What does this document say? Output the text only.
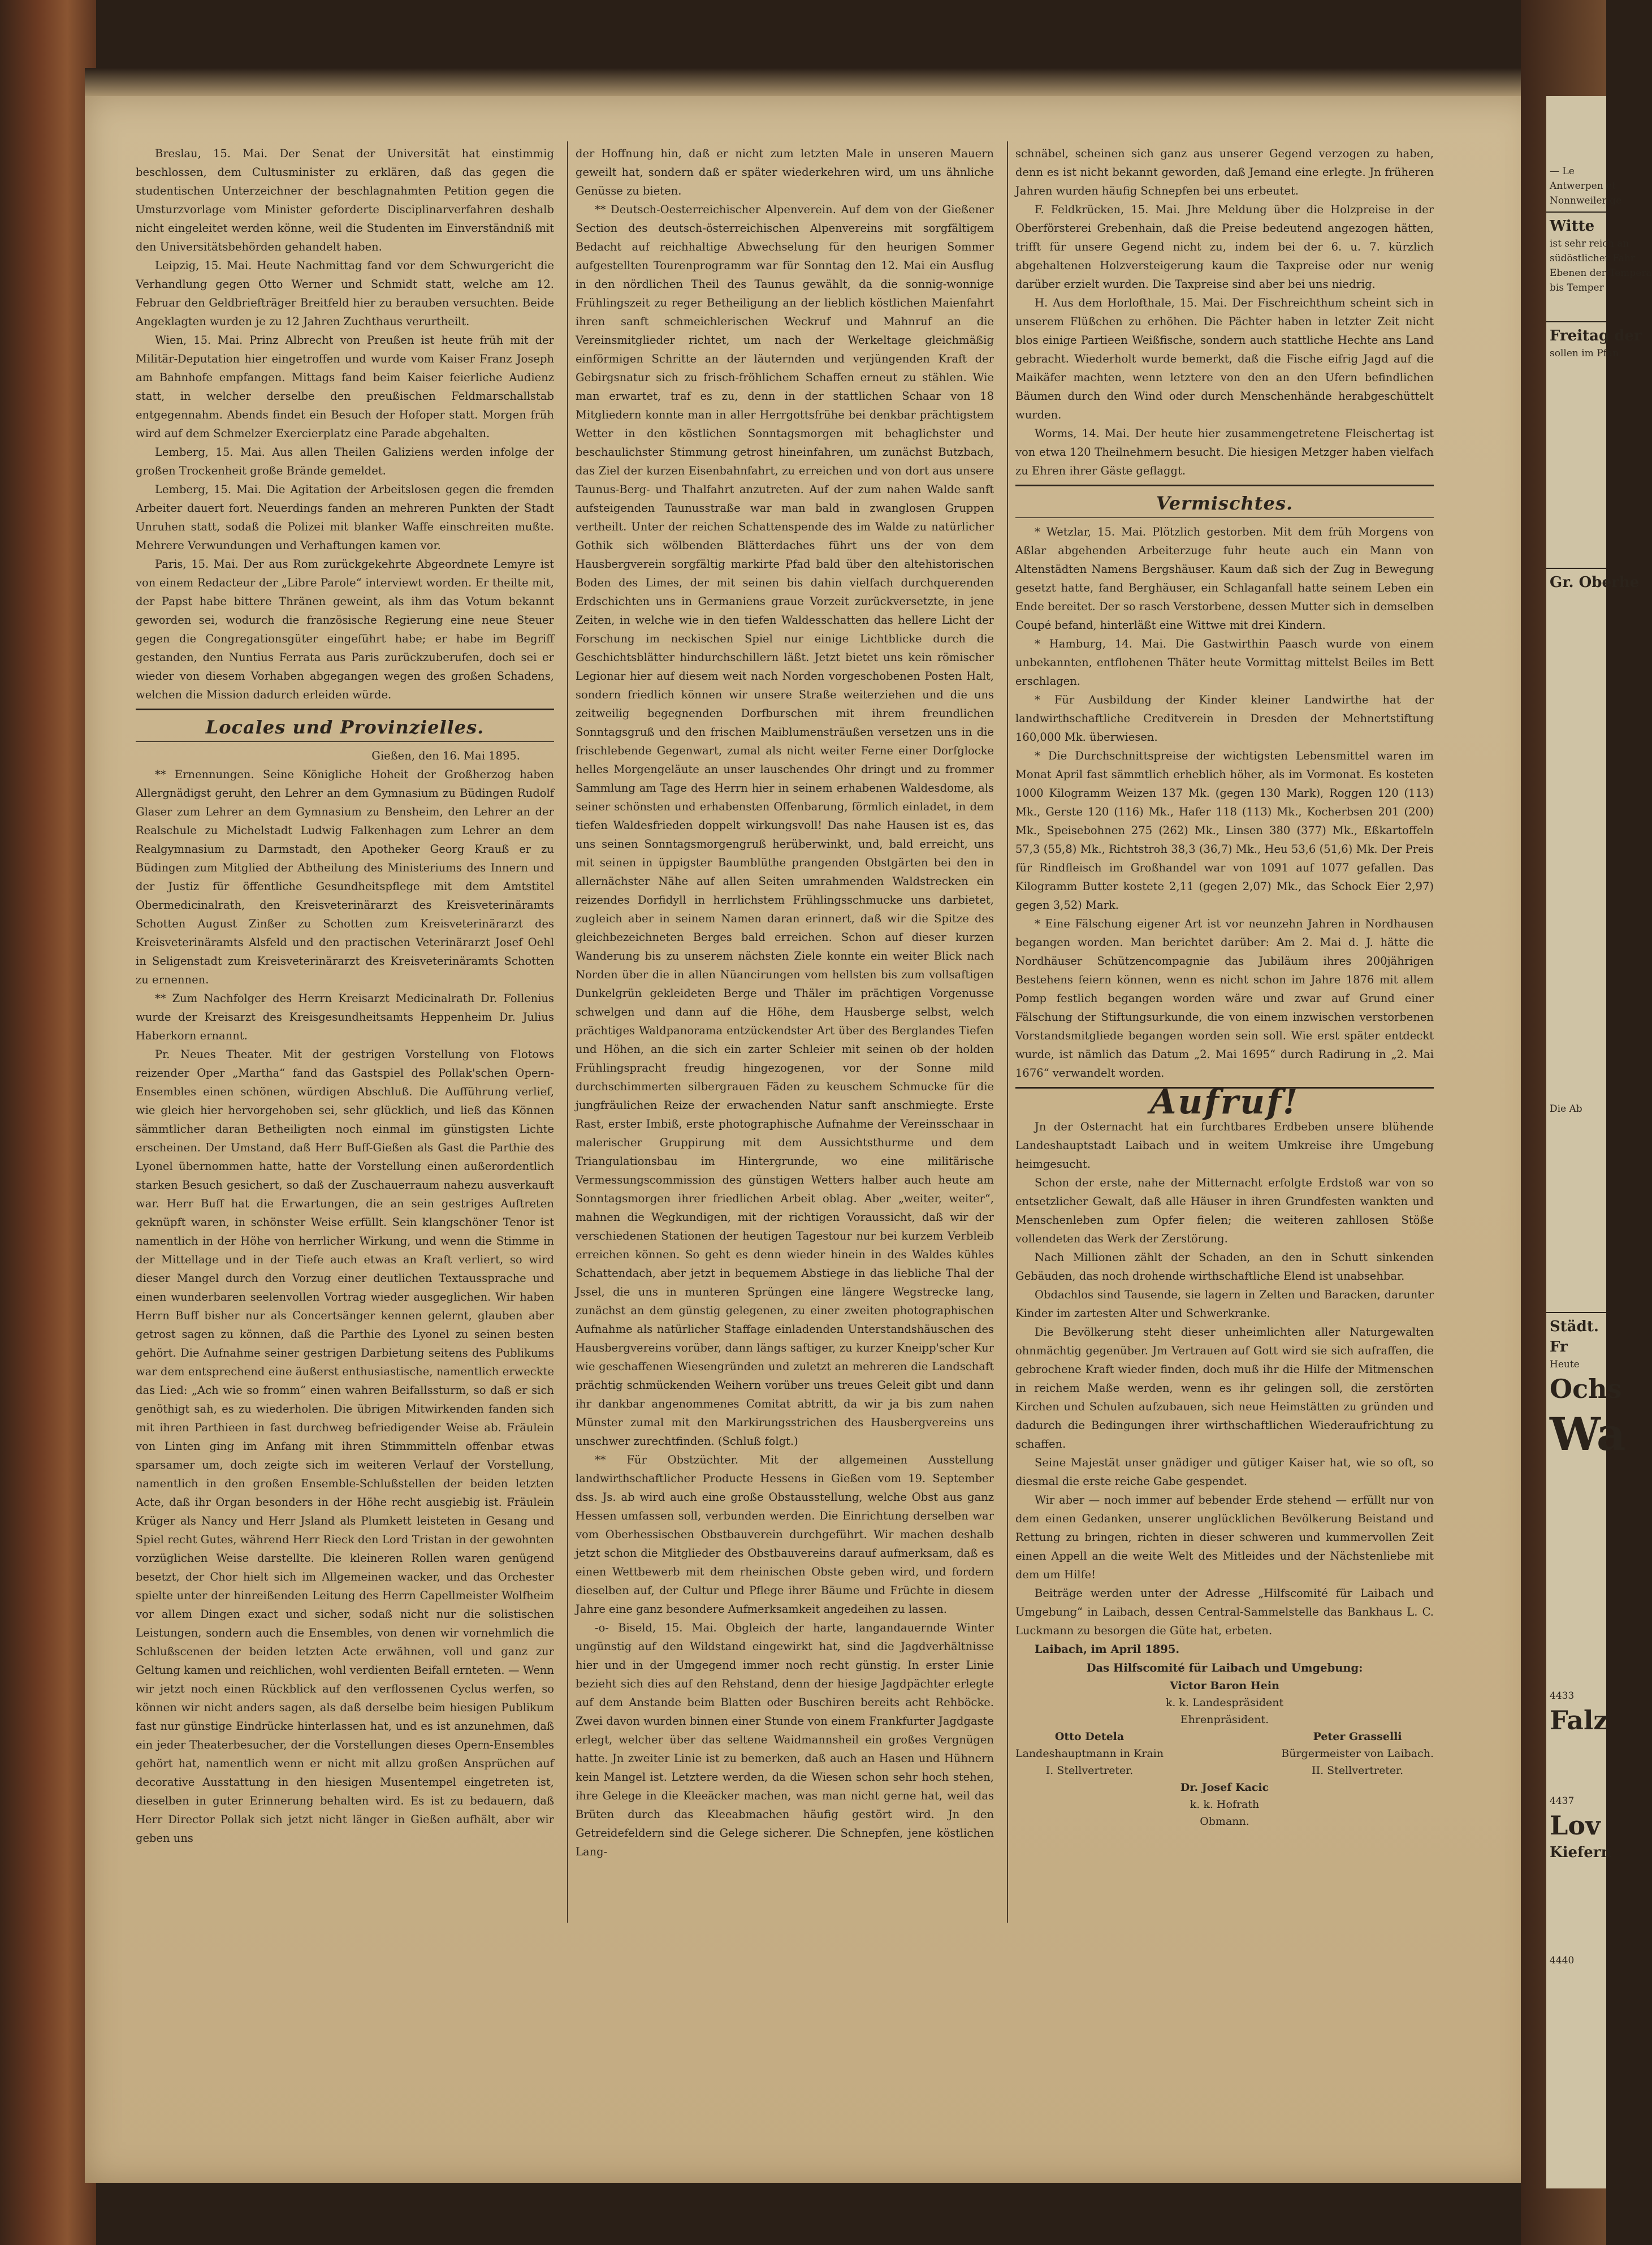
Breslau, 15. Mai. Der Senat der Universität hat einstimmig beschlossen, dem Cultusminister zu erklären, daß das gegen die studentischen Unterzeichner der beschlagnahmten Petition gegen die Umsturzvorlage vom Minister geforderte Disciplinarverfahren deshalb nicht eingeleitet werden könne, weil die Studenten im Einverständniß mit den Universitätsbehörden gehandelt haben.

Leipzig, 15. Mai. Heute Nachmittag fand vor dem Schwurgericht die Verhandlung gegen Otto Werner und Schmidt statt, welche am 12. Februar den Geldbriefträger Breitfeld hier zu berauben versuchten. Beide Angeklagten wurden je zu 12 Jahren Zuchthaus verurtheilt.

Wien, 15. Mai. Prinz Albrecht von Preußen ist heute früh mit der Militär-Deputation hier eingetroffen und wurde vom Kaiser Franz Joseph am Bahnhofe empfangen. Mittags fand beim Kaiser feierliche Audienz statt, in welcher derselbe den preußischen Feldmarschallstab entgegennahm. Abends findet ein Besuch der Hofoper statt. Morgen früh wird auf dem Schmelzer Exercierplatz eine Parade abgehalten.

Lemberg, 15. Mai. Aus allen Theilen Galiziens werden infolge der großen Trockenheit große Brände gemeldet.

Lemberg, 15. Mai. Die Agitation der Arbeitslosen gegen die fremden Arbeiter dauert fort. Neuerdings fanden an mehreren Punkten der Stadt Unruhen statt, sodaß die Polizei mit blanker Waffe einschreiten mußte. Mehrere Verwundungen und Verhaftungen kamen vor.

Paris, 15. Mai. Der aus Rom zurückgekehrte Abgeordnete Lemyre ist von einem Redacteur der „Libre Parole“ interviewt worden. Er theilte mit, der Papst habe bittere Thränen geweint, als ihm das Votum bekannt geworden sei, wodurch die französische Regierung eine neue Steuer gegen die Congregationsgüter eingeführt habe; er habe im Begriff gestanden, den Nuntius Ferrata aus Paris zurückzuberufen, doch sei er wieder von diesem Vorhaben abgegangen wegen des großen Schadens, welchen die Mission dadurch erleiden würde.

Locales und Provinzielles.
Gießen, den 16. Mai 1895.

** Ernennungen. Seine Königliche Hoheit der Großherzog haben Allergnädigst geruht, den Lehrer an dem Gymnasium zu Büdingen Rudolf Glaser zum Lehrer an dem Gymnasium zu Bensheim, den Lehrer an der Realschule zu Michelstadt Ludwig Falkenhagen zum Lehrer an dem Realgymnasium zu Darmstadt, den Apotheker Georg Krauß er zu Büdingen zum Mitglied der Abtheilung des Ministeriums des Innern und der Justiz für öffentliche Gesundheitspflege mit dem Amtstitel Obermedicinalrath, den Kreisveterinärarzt des Kreisveterinäramts Schotten August Zinßer zu Schotten zum Kreisveterinärarzt des Kreisveterinäramts Alsfeld und den practischen Veterinärarzt Josef Oehl in Seligenstadt zum Kreisveterinärarzt des Kreisveterinäramts Schotten zu ernennen.

** Zum Nachfolger des Herrn Kreisarzt Medicinalrath Dr. Follenius wurde der Kreisarzt des Kreisgesundheitsamts Heppenheim Dr. Julius Haberkorn ernannt.

Pr. Neues Theater. Mit der gestrigen Vorstellung von Flotows reizender Oper „Martha“ fand das Gastspiel des Pollak'schen Opern-Ensembles einen schönen, würdigen Abschluß. Die Aufführung verlief, wie gleich hier hervorgehoben sei, sehr glücklich, und ließ das Können sämmtlicher daran Betheiligten noch einmal im günstigsten Lichte erscheinen. Der Umstand, daß Herr Buff-Gießen als Gast die Parthie des Lyonel übernommen hatte, hatte der Vorstellung einen außerordentlich starken Besuch gesichert, so daß der Zuschauerraum nahezu ausverkauft war. Herr Buff hat die Erwartungen, die an sein gestriges Auftreten geknüpft waren, in schönster Weise erfüllt. Sein klangschöner Tenor ist namentlich in der Höhe von herrlicher Wirkung, und wenn die Stimme in der Mittellage und in der Tiefe auch etwas an Kraft verliert, so wird dieser Mangel durch den Vorzug einer deutlichen Textaussprache und einen wunderbaren seelenvollen Vortrag wieder ausgeglichen. Wir haben Herrn Buff bisher nur als Concertsänger kennen gelernt, glauben aber getrost sagen zu können, daß die Parthie des Lyonel zu seinen besten gehört. Die Aufnahme seiner gestrigen Darbietung seitens des Publikums war dem entsprechend eine äußerst enthusiastische, namentlich erweckte das Lied: „Ach wie so fromm“ einen wahren Beifallssturm, so daß er sich genöthigt sah, es zu wiederholen. Die übrigen Mitwirkenden fanden sich mit ihren Parthieen in fast durchweg befriedigender Weise ab. Fräulein von Linten ging im Anfang mit ihren Stimmmitteln offenbar etwas sparsamer um, doch zeigte sich im weiteren Verlauf der Vorstellung, namentlich in den großen Ensemble-Schlußstellen der beiden letzten Acte, daß ihr Organ besonders in der Höhe recht ausgiebig ist. Fräulein Krüger als Nancy und Herr Jsland als Plumkett leisteten in Gesang und Spiel recht Gutes, während Herr Rieck den Lord Tristan in der gewohnten vorzüglichen Weise darstellte. Die kleineren Rollen waren genügend besetzt, der Chor hielt sich im Allgemeinen wacker, und das Orchester spielte unter der hinreißenden Leitung des Herrn Capellmeister Wolfheim vor allem Dingen exact und sicher, sodaß nicht nur die solistischen Leistungen, sondern auch die Ensembles, von denen wir vornehmlich die Schlußscenen der beiden letzten Acte erwähnen, voll und ganz zur Geltung kamen und reichlichen, wohl verdienten Beifall ernteten. — Wenn wir jetzt noch einen Rückblick auf den verflossenen Cyclus werfen, so können wir nicht anders sagen, als daß derselbe beim hiesigen Publikum fast nur günstige Eindrücke hinterlassen hat, und es ist anzunehmen, daß ein jeder Theaterbesucher, der die Vorstellungen dieses Opern-Ensembles gehört hat, namentlich wenn er nicht mit allzu großen Ansprüchen auf decorative Ausstattung in den hiesigen Musentempel eingetreten ist, dieselben in guter Erinnerung behalten wird. Es ist zu bedauern, daß Herr Director Pollak sich jetzt nicht länger in Gießen aufhält, aber wir geben uns

der Hoffnung hin, daß er nicht zum letzten Male in unseren Mauern geweilt hat, sondern daß er später wiederkehren wird, um uns ähnliche Genüsse zu bieten.

** Deutsch-Oesterreichischer Alpenverein. Auf dem von der Gießener Section des deutsch-österreichischen Alpenvereins mit sorgfältigem Bedacht auf reichhaltige Abwechselung für den heurigen Sommer aufgestellten Tourenprogramm war für Sonntag den 12. Mai ein Ausflug in den nördlichen Theil des Taunus gewählt, da die sonnig-wonnige Frühlingszeit zu reger Betheiligung an der lieblich köstlichen Maienfahrt ihren sanft schmeichlerischen Weckruf und Mahnruf an die Vereinsmitglieder richtet, um nach der Werkeltage gleichmäßig einförmigen Schritte an der läuternden und verjüngenden Kraft der Gebirgsnatur sich zu frisch-fröhlichem Schaffen erneut zu stählen. Wie man erwartet, traf es zu, denn in der stattlichen Schaar von 18 Mitgliedern konnte man in aller Herrgottsfrühe bei denkbar prächtigstem Wetter in den köstlichen Sonntagsmorgen mit behaglichster und beschaulichster Stimmung getrost hineinfahren, um zunächst Butzbach, das Ziel der kurzen Eisenbahnfahrt, zu erreichen und von dort aus unsere Taunus-Berg- und Thalfahrt anzutreten. Auf der zum nahen Walde sanft aufsteigenden Taunusstraße war man bald in zwanglosen Gruppen vertheilt. Unter der reichen Schattenspende des im Walde zu natürlicher Gothik sich wölbenden Blätterdaches führt uns der von dem Hausbergverein sorgfältig markirte Pfad bald über den altehistorischen Boden des Limes, der mit seinen bis dahin vielfach durchquerenden Erdschichten uns in Germaniens graue Vorzeit zurückversetzte, in jene Zeiten, in welche wie in den tiefen Waldesschatten das hellere Licht der Forschung im neckischen Spiel nur einige Lichtblicke durch die Geschichtsblätter hindurchschillern läßt. Jetzt bietet uns kein römischer Legionar hier auf diesem weit nach Norden vorgeschobenen Posten Halt, sondern friedlich können wir unsere Straße weiterziehen und die uns zeitweilig begegnenden Dorfburschen mit ihrem freundlichen Sonntagsgruß und den frischen Maiblumensträußen versetzen uns in die frischlebende Gegenwart, zumal als nicht weiter Ferne einer Dorfglocke helles Morgengeläute an unser lauschendes Ohr dringt und zu frommer Sammlung am Tage des Herrn hier in seinem erhabenen Waldesdome, als seiner schönsten und erhabensten Offenbarung, förmlich einladet, in dem tiefen Waldesfrieden doppelt wirkungsvoll! Das nahe Hausen ist es, das uns seinen Sonntagsmorgengruß herüberwinkt, und, bald erreicht, uns mit seinen in üppigster Baumblüthe prangenden Obstgärten bei den in allernächster Nähe auf allen Seiten umrahmenden Waldstrecken ein reizendes Dorfidyll in herrlichstem Frühlingsschmucke uns darbietet, zugleich aber in seinem Namen daran erinnert, daß wir die Spitze des gleichbezeichneten Berges bald erreichen. Schon auf dieser kurzen Wanderung bis zu unserem nächsten Ziele konnte ein weiter Blick nach Norden über die in allen Nüancirungen vom hellsten bis zum vollsaftigen Dunkelgrün gekleideten Berge und Thäler im prächtigen Vorgenusse schwelgen und dann auf die Höhe, dem Hausberge selbst, welch prächtiges Waldpanorama entzückendster Art über des Berglandes Tiefen und Höhen, an die sich ein zarter Schleier mit seinen ob der holden Frühlingspracht freudig hingezogenen, vor der Sonne mild durchschimmerten silbergrauen Fäden zu keuschem Schmucke für die jungfräulichen Reize der erwachenden Natur sanft anschmiegte. Erste Rast, erster Imbiß, erste photographische Aufnahme der Vereinsschaar in malerischer Gruppirung mit dem Aussichtsthurme und dem Triangulationsbau im Hintergrunde, wo eine militärische Vermessungscommission des günstigen Wetters halber auch heute am Sonntagsmorgen ihrer friedlichen Arbeit oblag. Aber „weiter, weiter“, mahnen die Wegkundigen, mit der richtigen Voraussicht, daß wir der verschiedenen Stationen der heutigen Tagestour nur bei kurzem Verbleib erreichen können. So geht es denn wieder hinein in des Waldes kühles Schattendach, aber jetzt in bequemem Abstiege in das liebliche Thal der Jssel, die uns in munteren Sprüngen eine längere Wegstrecke lang, zunächst an dem günstig gelegenen, zu einer zweiten photographischen Aufnahme als natürlicher Staffage einladenden Unterstandshäuschen des Hausbergvereins vorüber, dann längs saftiger, zu kurzer Kneipp'scher Kur wie geschaffenen Wiesengründen und zuletzt an mehreren die Landschaft prächtig schmückenden Weihern vorüber uns treues Geleit gibt und dann ihr dankbar angenommenes Comitat abtritt, da wir ja bis zum nahen Münster zumal mit den Markirungsstrichen des Hausbergvereins uns unschwer zurechtfinden. (Schluß folgt.)

** Für Obstzüchter. Mit der allgemeinen Ausstellung landwirthschaftlicher Producte Hessens in Gießen vom 19. September dss. Js. ab wird auch eine große Obstausstellung, welche Obst aus ganz Hessen umfassen soll, verbunden werden. Die Einrichtung derselben war vom Oberhessischen Obstbauverein durchgeführt. Wir machen deshalb jetzt schon die Mitglieder des Obstbauvereins darauf aufmerksam, daß es einen Wettbewerb mit dem rheinischen Obste geben wird, und fordern dieselben auf, der Cultur und Pflege ihrer Bäume und Früchte in diesem Jahre eine ganz besondere Aufmerksamkeit angedeihen zu lassen.

-o- Biseld, 15. Mai. Obgleich der harte, langandauernde Winter ungünstig auf den Wildstand eingewirkt hat, sind die Jagdverhältnisse hier und in der Umgegend immer noch recht günstig. In erster Linie bezieht sich dies auf den Rehstand, denn der hiesige Jagdpächter erlegte auf dem Anstande beim Blatten oder Buschiren bereits acht Rehböcke. Zwei davon wurden binnen einer Stunde von einem Frankfurter Jagdgaste erlegt, welcher über das seltene Waidmannsheil ein großes Vergnügen hatte. Jn zweiter Linie ist zu bemerken, daß auch an Hasen und Hühnern kein Mangel ist. Letztere werden, da die Wiesen schon sehr hoch stehen, ihre Gelege in die Kleeäcker machen, was man nicht gerne hat, weil das Brüten durch das Kleeabmachen häufig gestört wird. Jn den Getreidefeldern sind die Gelege sicherer. Die Schnepfen, jene köstlichen Lang-

schnäbel, scheinen sich ganz aus unserer Gegend verzogen zu haben, denn es ist nicht bekannt geworden, daß Jemand eine erlegte. Jn früheren Jahren wurden häufig Schnepfen bei uns erbeutet.

F. Feldkrücken, 15. Mai. Jhre Meldung über die Holzpreise in der Oberförsterei Grebenhain, daß die Preise bedeutend angezogen hätten, trifft für unsere Gegend nicht zu, indem bei der 6. u. 7. kürzlich abgehaltenen Holzversteigerung kaum die Taxpreise oder nur wenig darüber erzielt wurden. Die Taxpreise sind aber bei uns niedrig.

H. Aus dem Horlofthale, 15. Mai. Der Fischreichthum scheint sich in unserem Flüßchen zu erhöhen. Die Pächter haben in letzter Zeit nicht blos einige Partieen Weißfische, sondern auch stattliche Hechte ans Land gebracht. Wiederholt wurde bemerkt, daß die Fische eifrig Jagd auf die Maikäfer machten, wenn letztere von den an den Ufern befindlichen Bäumen durch den Wind oder durch Menschenhände herabgeschüttelt wurden.

Worms, 14. Mai. Der heute hier zusammengetretene Fleischertag ist von etwa 120 Theilnehmern besucht. Die hiesigen Metzger haben vielfach zu Ehren ihrer Gäste geflaggt.

Vermischtes.

* Wetzlar, 15. Mai. Plötzlich gestorben. Mit dem früh Morgens von Aßlar abgehenden Arbeiterzuge fuhr heute auch ein Mann von Altenstädten Namens Bergshäuser. Kaum daß sich der Zug in Bewegung gesetzt hatte, fand Berghäuser, ein Schlaganfall hatte seinem Leben ein Ende bereitet. Der so rasch Verstorbene, dessen Mutter sich in demselben Coupé befand, hinterläßt eine Wittwe mit drei Kindern.

* Hamburg, 14. Mai. Die Gastwirthin Paasch wurde von einem unbekannten, entflohenen Thäter heute Vormittag mittelst Beiles im Bett erschlagen.

* Für Ausbildung der Kinder kleiner Landwirthe hat der landwirthschaftliche Creditverein in Dresden der Mehnertstiftung 160,000 Mk. überwiesen.

* Die Durchschnittspreise der wichtigsten Lebensmittel waren im Monat April fast sämmtlich erheblich höher, als im Vormonat. Es kosteten 1000 Kilogramm Weizen 137 Mk. (gegen 130 Mark), Roggen 120 (113) Mk., Gerste 120 (116) Mk., Hafer 118 (113) Mk., Kocherbsen 201 (200) Mk., Speisebohnen 275 (262) Mk., Linsen 380 (377) Mk., Eßkartoffeln 57,3 (55,8) Mk., Richtstroh 38,3 (36,7) Mk., Heu 53,6 (51,6) Mk. Der Preis für Rindfleisch im Großhandel war von 1091 auf 1077 gefallen. Das Kilogramm Butter kostete 2,11 (gegen 2,07) Mk., das Schock Eier 2,97) gegen 3,52) Mark.

* Eine Fälschung eigener Art ist vor neunzehn Jahren in Nordhausen begangen worden. Man berichtet darüber: Am 2. Mai d. J. hätte die Nordhäuser Schützencompagnie das Jubiläum ihres 200jährigen Bestehens feiern können, wenn es nicht schon im Jahre 1876 mit allem Pomp festlich begangen worden wäre und zwar auf Grund einer Fälschung der Stiftungsurkunde, die von einem inzwischen verstorbenen Vorstandsmitgliede begangen worden sein soll. Wie erst später entdeckt wurde, ist nämlich das Datum „2. Mai 1695“ durch Radirung in „2. Mai 1676“ verwandelt worden.

Aufruf!

Jn der Osternacht hat ein furchtbares Erdbeben unsere blühende Landeshauptstadt Laibach und in weitem Umkreise ihre Umgebung heimgesucht.

Schon der erste, nahe der Mitternacht erfolgte Erdstoß war von so entsetzlicher Gewalt, daß alle Häuser in ihren Grundfesten wankten und Menschenleben zum Opfer fielen; die weiteren zahllosen Stöße vollendeten das Werk der Zerstörung.

Nach Millionen zählt der Schaden, an den in Schutt sinkenden Gebäuden, das noch drohende wirthschaftliche Elend ist unabsehbar.

Obdachlos sind Tausende, sie lagern in Zelten und Baracken, darunter Kinder im zartesten Alter und Schwerkranke.

Die Bevölkerung steht dieser unheimlichten aller Naturgewalten ohnmächtig gegenüber. Jm Vertrauen auf Gott wird sie sich aufraffen, die gebrochene Kraft wieder finden, doch muß ihr die Hilfe der Mitmenschen in reichem Maße werden, wenn es ihr gelingen soll, die zerstörten Kirchen und Schulen aufzubauen, sich neue Heimstätten zu gründen und dadurch die Bedingungen ihrer wirthschaftlichen Wiederaufrichtung zu schaffen.

Seine Majestät unser gnädiger und gütiger Kaiser hat, wie so oft, so diesmal die erste reiche Gabe gespendet.

Wir aber — noch immer auf bebender Erde stehend — erfüllt nur von dem einen Gedanken, unserer unglücklichen Bevölkerung Beistand und Rettung zu bringen, richten in dieser schweren und kummervollen Zeit einen Appell an die weite Welt des Mitleides und der Nächstenliebe mit dem um Hilfe!

Beiträge werden unter der Adresse „Hilfscomité für Laibach und Umgebung“ in Laibach, dessen Central-Sammelstelle das Bankhaus L. C. Luckmann zu besorgen die Güte hat, erbeten.

Laibach, im April 1895.

Das Hilfscomité für Laibach und Umgebung:
Victor Baron Hein
k. k. Landespräsident
Ehrenpräsident.
Otto Detela
Landeshauptmann in Krain
I. Stellvertreter.
Peter Grasselli
Bürgermeister von Laibach.
II. Stellvertreter.
Dr. Josef Kacic
k. k. Hofrath
Obmann.
— Le
Antwerpen et
Nonnweiler ge
Witte
ist sehr reich an
südöstlicher Fahr
Ebenen der Tempera
bis Temper
Freitag der
sollen im Pfan
Gr. Oberhe
Die Ab
Städt.
Fr
Heute
Ochs
Wa
4433
Falz
4437
Lov
Kiefern
4440
